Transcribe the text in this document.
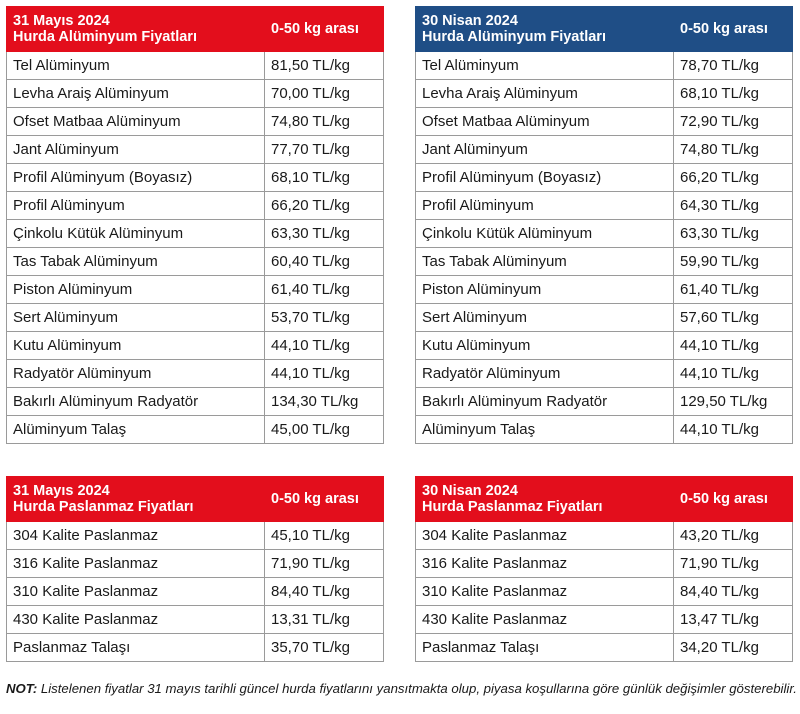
31 Mayıs 2024
Hurda Alüminyum Fiyatları	0-50 kg arası
Tel Alüminyum	81,50 TL/kg
Levha Araiş Alüminyum	70,00 TL/kg
Ofset Matbaa Alüminyum	74,80 TL/kg
Jant Alüminyum	77,70 TL/kg
Profil Alüminyum (Boyasız)	68,10 TL/kg
Profil Alüminyum	66,20 TL/kg
Çinkolu Kütük Alüminyum	63,30 TL/kg
Tas Tabak Alüminyum	60,40 TL/kg
Piston Alüminyum	61,40 TL/kg
Sert Alüminyum	53,70 TL/kg
Kutu Alüminyum	44,10 TL/kg
Radyatör Alüminyum	44,10 TL/kg
Bakırlı Alüminyum Radyatör	134,30 TL/kg
Alüminyum Talaş	45,00 TL/kg
30 Nisan 2024
Hurda Alüminyum Fiyatları	0-50 kg arası
Tel Alüminyum	78,70 TL/kg
Levha Araiş Alüminyum	68,10 TL/kg
Ofset Matbaa Alüminyum	72,90 TL/kg
Jant Alüminyum	74,80 TL/kg
Profil Alüminyum (Boyasız)	66,20 TL/kg
Profil Alüminyum	64,30 TL/kg
Çinkolu Kütük Alüminyum	63,30 TL/kg
Tas Tabak Alüminyum	59,90 TL/kg
Piston Alüminyum	61,40 TL/kg
Sert Alüminyum	57,60 TL/kg
Kutu Alüminyum	44,10 TL/kg
Radyatör Alüminyum	44,10 TL/kg
Bakırlı Alüminyum Radyatör	129,50 TL/kg
Alüminyum Talaş	44,10 TL/kg
31 Mayıs 2024
Hurda Paslanmaz Fiyatları	0-50 kg arası
304 Kalite Paslanmaz	45,10 TL/kg
316 Kalite Paslanmaz	71,90 TL/kg
310 Kalite Paslanmaz	84,40 TL/kg
430 Kalite Paslanmaz	13,31 TL/kg
Paslanmaz Talaşı	35,70 TL/kg
30 Nisan 2024
Hurda Paslanmaz Fiyatları	0-50 kg arası
304 Kalite Paslanmaz	43,20 TL/kg
316 Kalite Paslanmaz	71,90 TL/kg
310 Kalite Paslanmaz	84,40 TL/kg
430 Kalite Paslanmaz	13,47 TL/kg
Paslanmaz Talaşı	34,20 TL/kg
NOT: Listelenen fiyatlar 31 mayıs tarihli güncel hurda fiyatlarını yansıtmakta olup, piyasa koşullarına göre günlük değişimler gösterebilir.
